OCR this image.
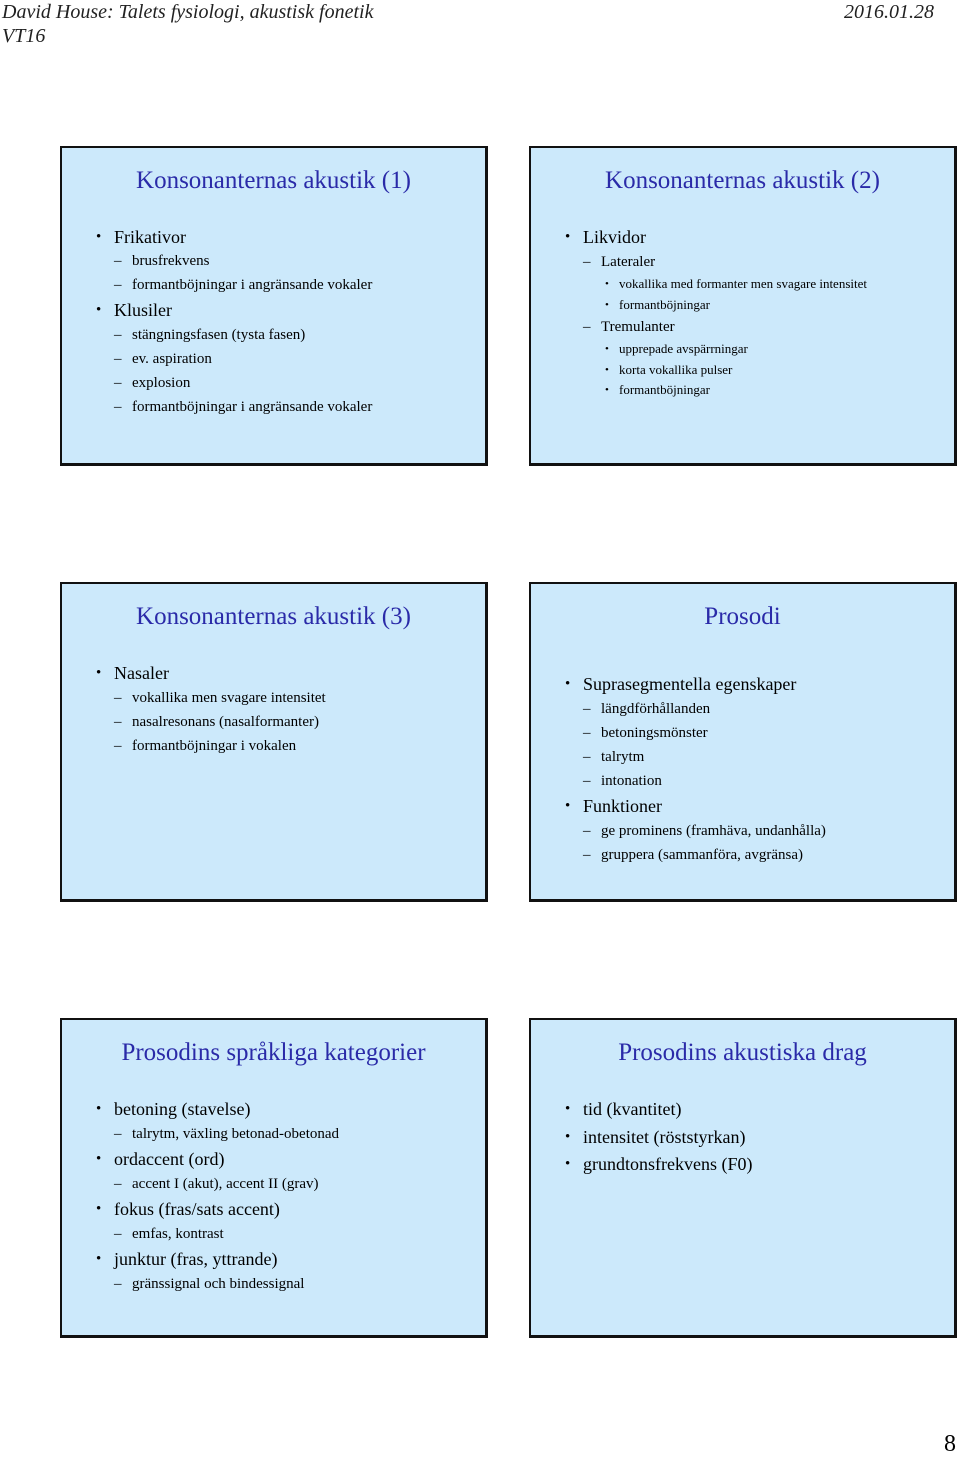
David House: Talets fysiologi, akustisk fonetik
VT16
2016.01.28
Konsonanternas akustik (1)
• Frikativor
– brusfrekvens
– formantböjningar i angränsande vokaler
• Klusiler
– stängningsfasen (tysta fasen)
– ev. aspiration
– explosion
– formantböjningar i angränsande vokaler
Konsonanternas akustik (2)
• Likvidor
– Lateraler
• vokallika med formanter men svagare intensitet
• formantböjningar
– Tremulanter
• upprepade avspärrningar
• korta vokallika pulser
• formantböjningar
Konsonanternas akustik (3)
• Nasaler
– vokallika men svagare intensitet
– nasalresonans (nasalformanter)
– formantböjningar i vokalen
Prosodi
• Suprasegmentella egenskaper
– längdförhållanden
– betoningsmönster
– talrytm
– intonation
• Funktioner
– ge prominens (framhäva, undanhålla)
– gruppera (sammanföra, avgränsa)
Prosodins språkliga kategorier
• betoning (stavelse)
– talrytm, växling betonad-obetonad
• ordaccent (ord)
– accent I (akut), accent II (grav)
• fokus (fras/sats accent)
– emfas, kontrast
• junktur (fras, yttrande)
– gränssignal och bindessignal
Prosodins akustiska drag
• tid (kvantitet)
• intensitet (röststyrkan)
• grundtonsfrekvens (F0)
8
